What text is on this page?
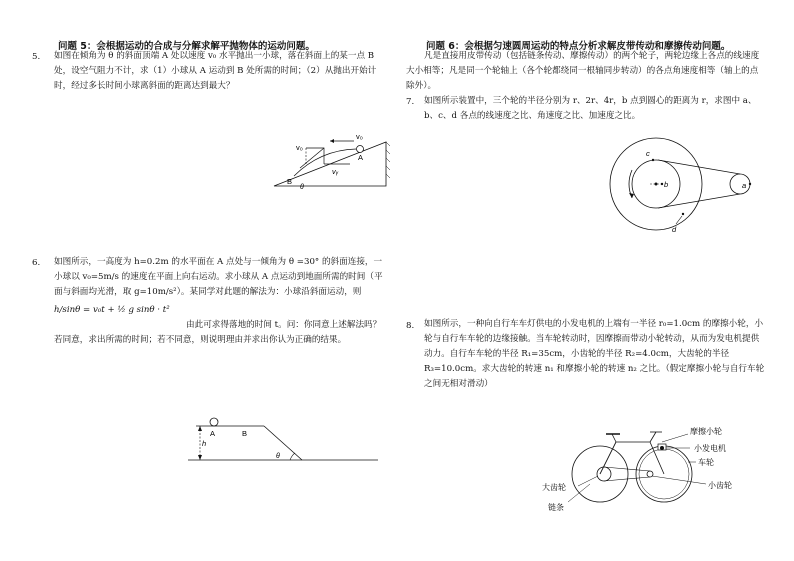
问题 5：会根据运动的合成与分解求解平抛物体的运动问题。
5. 如图在倾角为 θ 的斜面顶端 A 处以速度 v₀ 水平抛出一小球，落在斜面上的某一点 B 处，设空气阻力不计，求（1）小球从 A 运动到 B 处所需的时间；（2）从抛出开始计时，经过多长时间小球离斜面的距离达到最大？
v₀
v₀
A
B
θ
vᵧ
6. 如图所示，一高度为 h=0.2m 的水平面在 A 点处与一倾角为 θ =30° 的斜面连接，一小球以 v₀=5m/s 的速度在平面上向右运动。求小球从 A 点运动到地面所需的时间（平面与斜面均光滑，取 g=10m/s²）。某同学对此题的解法为：小球沿斜面运动，则
h/sinθ = v₀t + ½ g sinθ · t²
由此可求得落地的时间 t。问：你同意上述解法吗？若同意，求出所需的时间；若不同意，则说明理由并求出你认为正确的结果。
A	B
h
θ
问题 6：会根据匀速圆周运动的特点分析求解皮带传动和摩擦传动问题。
凡是直接用皮带传动（包括链条传动、摩擦传动）的两个轮子，两轮边缘上各点的线速度大小相等；凡是同一个轮轴上（各个轮都绕同一根轴同步转动）的各点角速度相等（轴上的点除外）。
7. 如图所示装置中，三个轮的半径分别为 r、2r、4r，b 点到圆心的距离为 r，求图中 a、b、c、d 各点的线速度之比、角速度之比、加速度之比。
a
b
c
d
8. 如图所示，一种向自行车车灯供电的小发电机的上端有一半径 r₀=1.0cm 的摩擦小轮，小轮与自行车车轮的边缘接触。当车轮转动时，因摩擦而带动小轮转动，从而为发电机提供动力。自行车车轮的半径 R₁=35cm，小齿轮的半径 R₂=4.0cm，大齿轮的半径 R₃=10.0cm。求大齿轮的转速 n₁ 和摩擦小轮的转速 n₂ 之比。（假定摩擦小轮与自行车轮之间无相对滑动）
摩擦小轮
小发电机
车轮
小齿轮
大齿轮
链条
